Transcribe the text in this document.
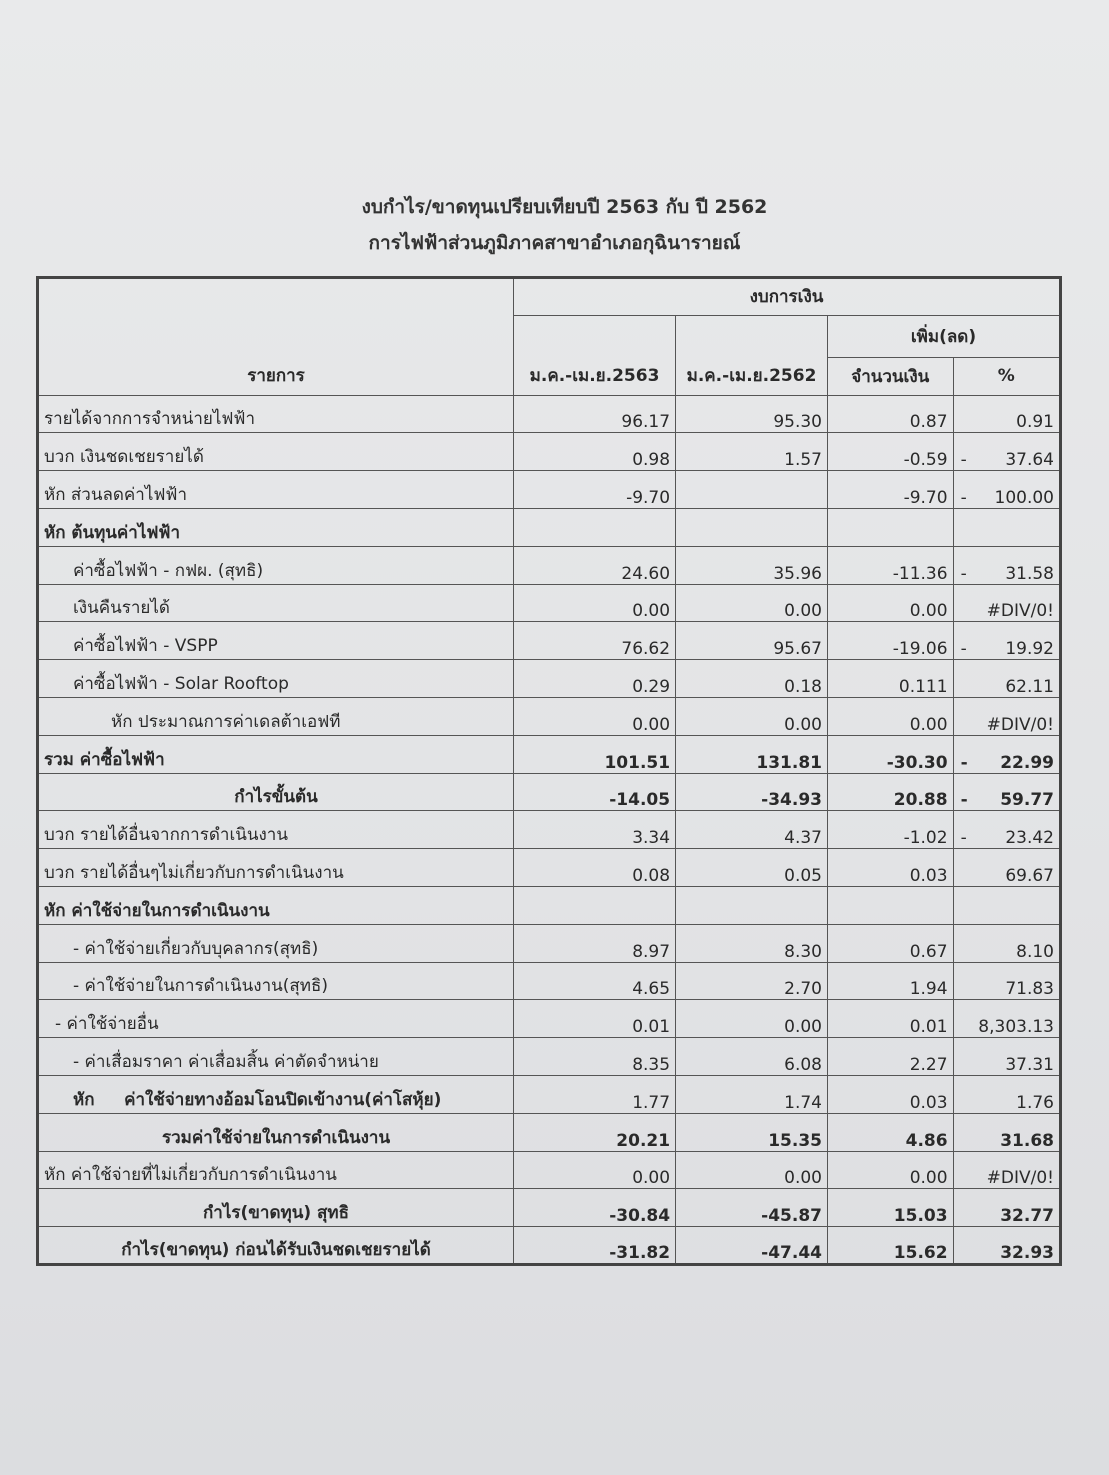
งบกำไร/ขาดทุนเปรียบเทียบปี 2563 กับ ปี 2562
การไฟฟ้าส่วนภูมิภาคสาขาอำเภอกุฉินารายณ์
รายการ	งบการเงิน			
	ม.ค.-เม.ย.2563	ม.ค.-เม.ย.2562	เพิ่ม(ลด)	
			จำนวนเงิน	%
รายได้จากการจำหน่ายไฟฟ้า	96.17	95.30	0.87	0.91
บวก เงินชดเชยรายได้	0.98	1.57	-0.59	- 37.64
หัก ส่วนลดค่าไฟฟ้า	-9.70		-9.70	- 100.00
หัก ต้นทุนค่าไฟฟ้า				

ค่าซื้อไฟฟ้า - กฟผ. (สุทธิ)	24.60	35.96	-11.36	- 31.58
เงินคืนรายได้	0.00	0.00	0.00	#DIV/0!
ค่าซื้อไฟฟ้า - VSPP	76.62	95.67	-19.06	- 19.92
ค่าซื้อไฟฟ้า - Solar Rooftop	0.29	0.18	0.111	62.11
หัก ประมาณการค่าเดลต้าเอฟที	0.00	0.00	0.00	#DIV/0!
รวม ค่าซื้อไฟฟ้า	101.51	131.81	-30.30	- 22.99
กำไรขั้นต้น	-14.05	-34.93	20.88	- 59.77
บวก รายได้อื่นจากการดำเนินงาน	3.34	4.37	-1.02	- 23.42
บวก รายได้อื่นๆไม่เกี่ยวกับการดำเนินงาน	0.08	0.05	0.03	69.67
หัก ค่าใช้จ่ายในการดำเนินงาน				

- ค่าใช้จ่ายเกี่ยวกับบุคลากร(สุทธิ)	8.97	8.30	0.67	8.10
- ค่าใช้จ่ายในการดำเนินงาน(สุทธิ)	4.65	2.70	1.94	71.83
- ค่าใช้จ่ายอื่น	0.01	0.00	0.01	8,303.13
- ค่าเสื่อมราคา ค่าเสื่อมสิ้น ค่าตัดจำหน่าย	8.35	6.08	2.27	37.31
หัก     ค่าใช้จ่ายทางอ้อมโอนปิดเข้างาน(ค่าโสหุ้ย)	1.77	1.74	0.03	1.76
รวมค่าใช้จ่ายในการดำเนินงาน	20.21	15.35	4.86	31.68
หัก ค่าใช้จ่ายที่ไม่เกี่ยวกับการดำเนินงาน	0.00	0.00	0.00	#DIV/0!
กำไร(ขาดทุน) สุทธิ	-30.84	-45.87	15.03	32.77
กำไร(ขาดทุน) ก่อนได้รับเงินชดเชยรายได้	-31.82	-47.44	15.62	32.93
